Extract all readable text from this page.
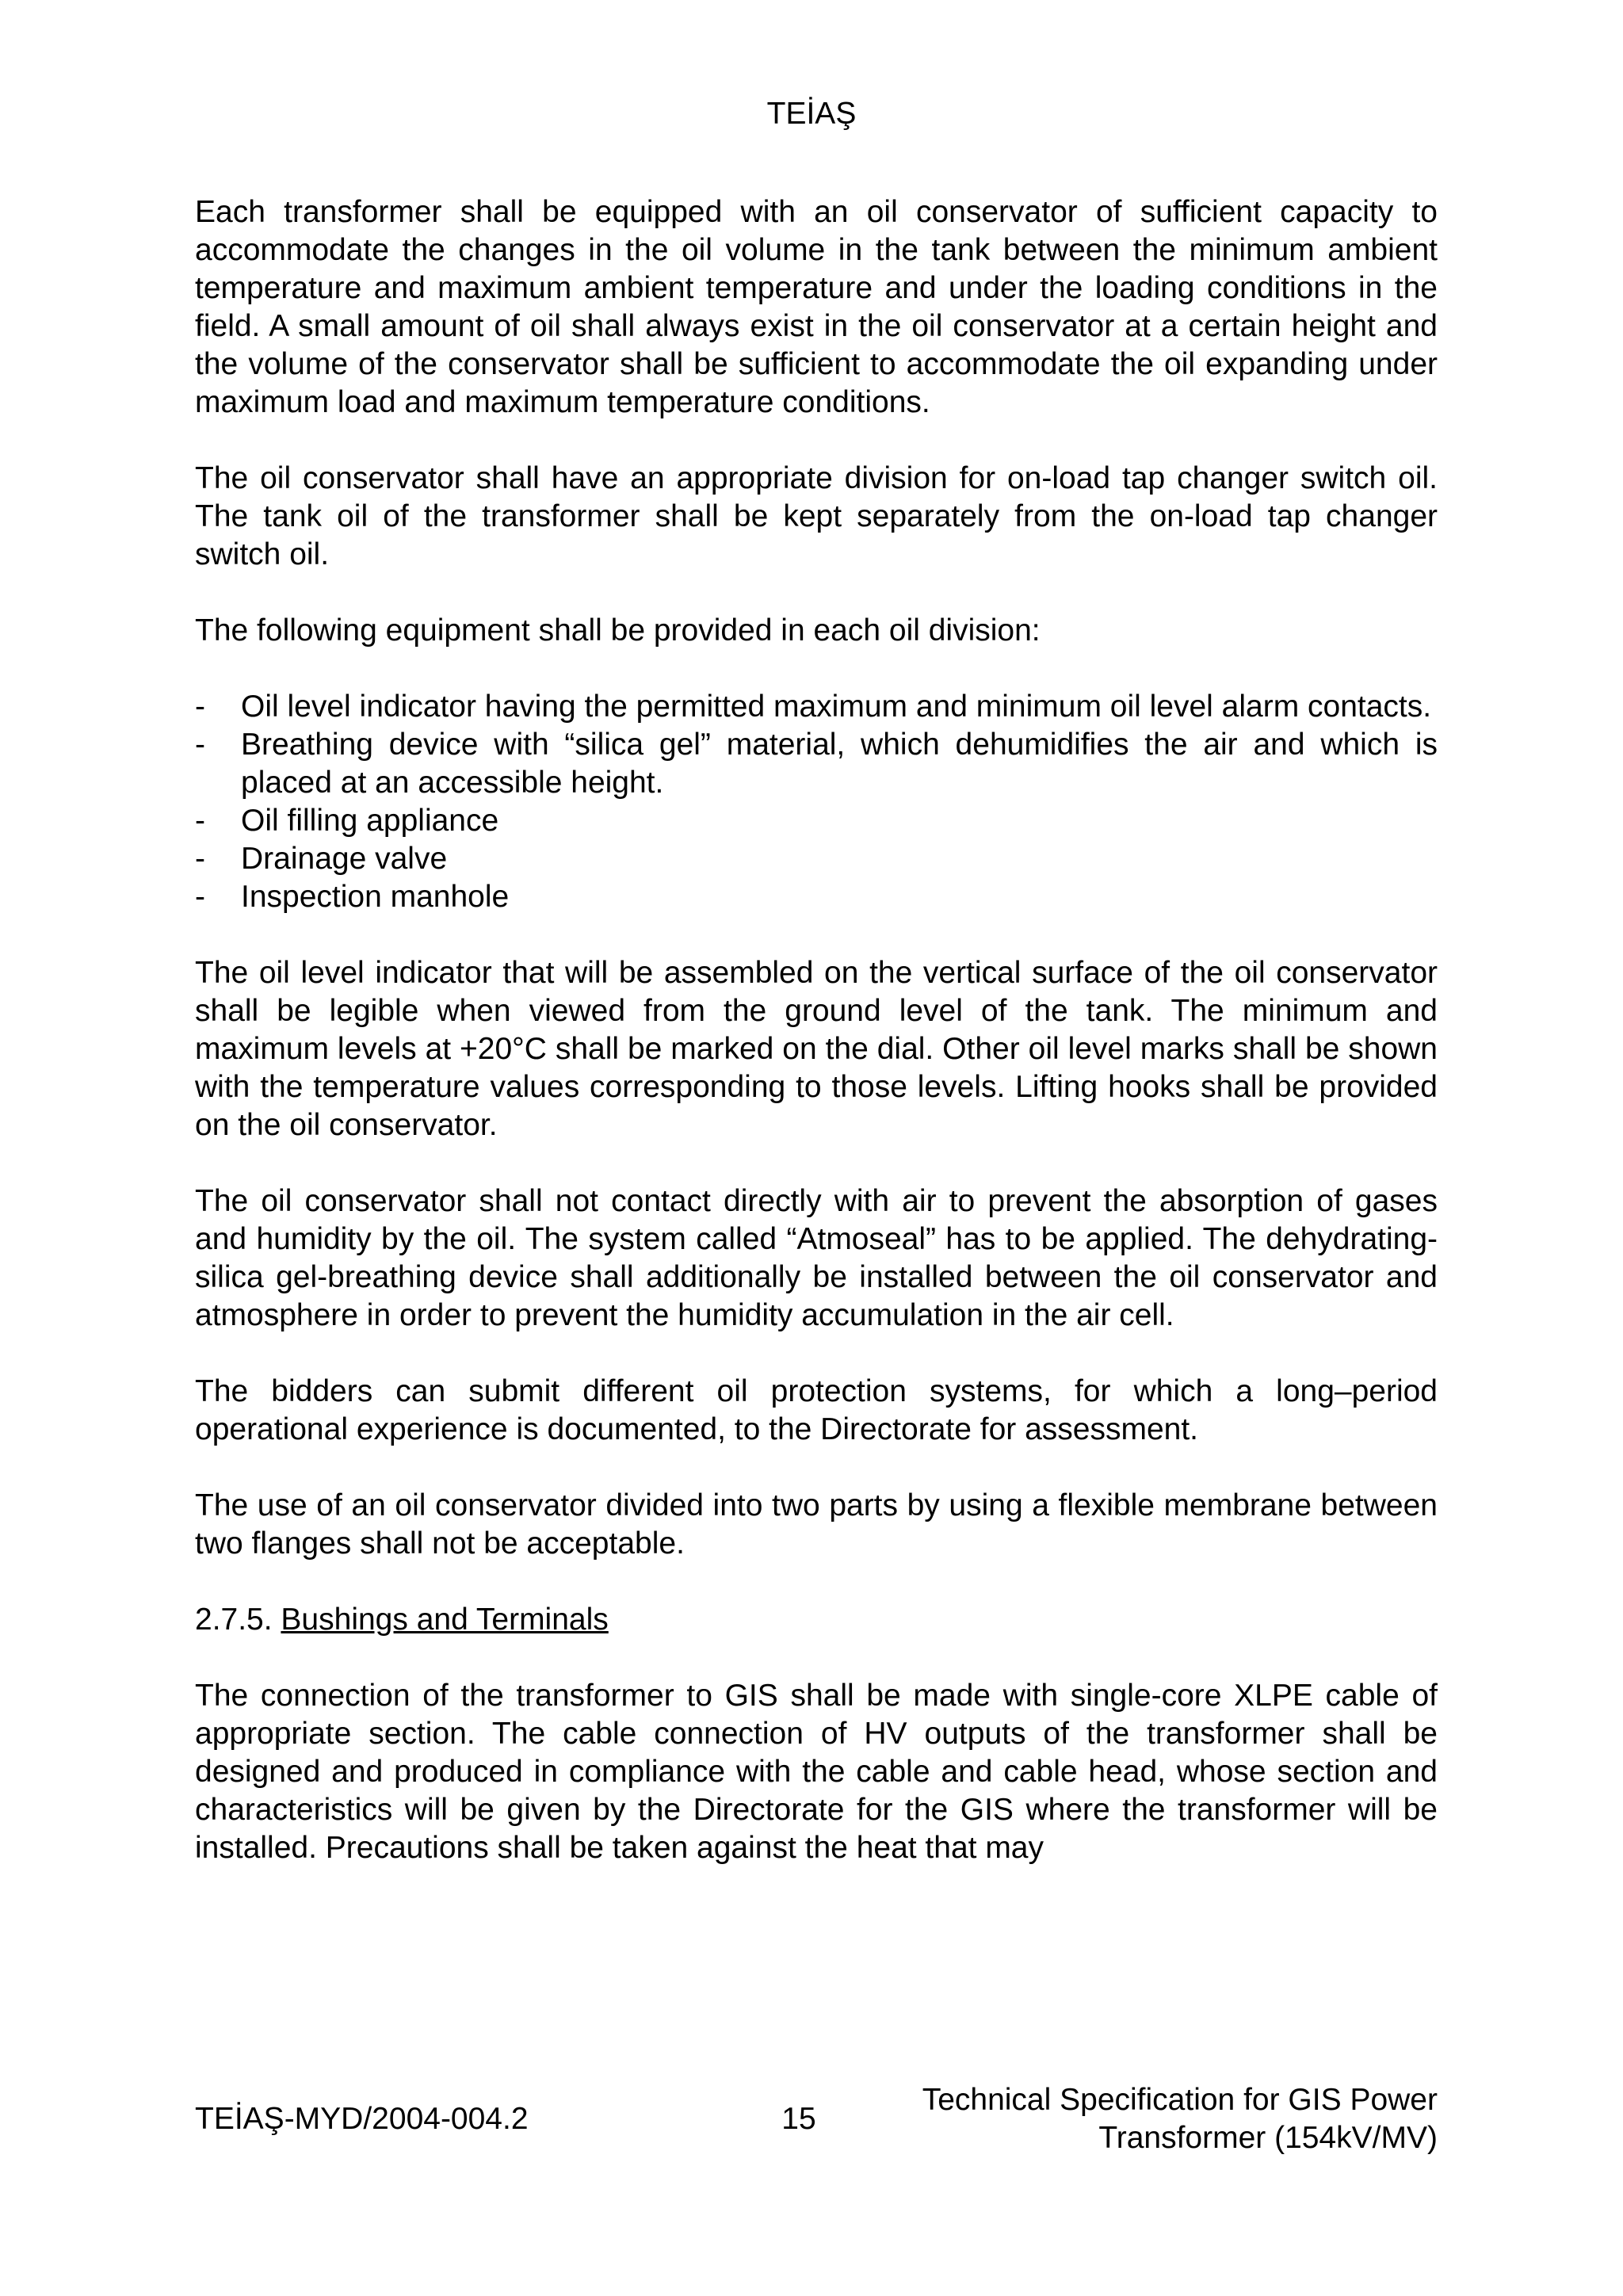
TEİAŞ

Each transformer shall be equipped with an oil conservator of sufficient capacity to accommodate the changes in the oil volume in the tank between the minimum ambient temperature and maximum ambient temperature and under the loading conditions in the field. A small amount of oil shall always exist in the oil conservator at a certain height and the volume of the conservator shall be sufficient to accommodate the oil expanding under maximum load and maximum temperature conditions.

The oil conservator shall have an appropriate division for on-load tap changer switch oil. The tank oil of the transformer shall be kept separately from the on-load tap changer switch oil.

The following equipment shall be provided in each oil division:

- Oil level indicator having the permitted maximum and minimum oil level alarm contacts.
- Breathing device with “silica gel” material, which dehumidifies the air and which is placed at an accessible height.
- Oil filling appliance
- Drainage valve
- Inspection manhole

The oil level indicator that will be assembled on the vertical surface of the oil conservator shall be legible when viewed from the ground level of the tank. The minimum and maximum levels at +20°C shall be marked on the dial. Other oil level marks shall be shown with the temperature values corresponding to those levels. Lifting hooks shall be provided on the oil conservator.

The oil conservator shall not contact directly with air to prevent the absorption of gases and humidity by the oil. The system called “Atmoseal” has to be applied. The dehydrating-silica gel-breathing device shall additionally be installed between the oil conservator and atmosphere in order to prevent the humidity accumulation in the air cell.

The bidders can submit different oil protection systems, for which a long–period operational experience is documented, to the Directorate for assessment.

The use of an oil conservator divided into two parts by using a flexible membrane between two flanges shall not be acceptable.

2.7.5. Bushings and Terminals

The connection of the transformer to GIS shall be made with single-core XLPE cable of appropriate section. The cable connection of HV outputs of the transformer shall be designed and produced in compliance with the cable and cable head, whose section and characteristics will be given by the Directorate for the GIS where the transformer will be installed. Precautions shall be taken against the heat that may

TEİAŞ-MYD/2004-004.2	15
Technical Specification for GIS Power
Transformer (154kV/MV)
